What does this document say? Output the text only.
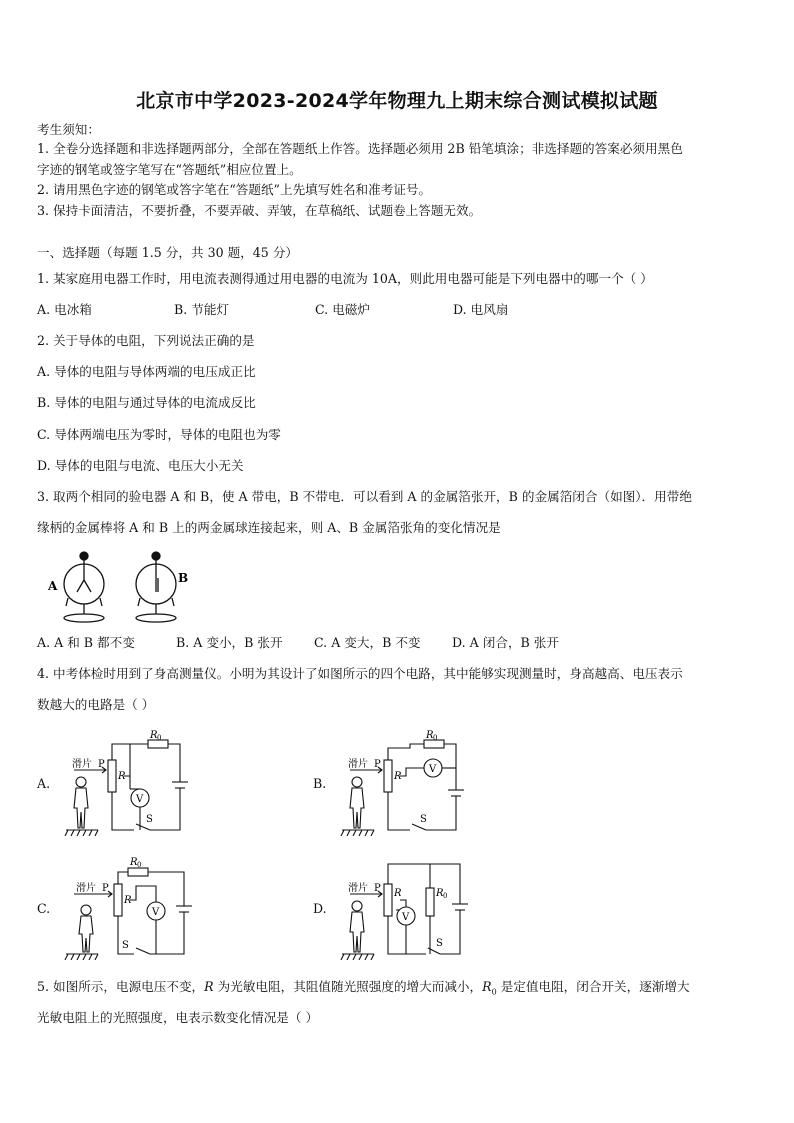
北京市中学2023-2024学年物理九上期末综合测试模拟试题
考生须知：
1. 全卷分选择题和非选择题两部分，全部在答题纸上作答。选择题必须用 2B 铅笔填涂；非选择题的答案必须用黑色
字迹的钢笔或签字笔写在“答题纸”相应位置上。
2. 请用黑色字迹的钢笔或答字笔在“答题纸”上先填写姓名和准考证号。
3. 保持卡面清洁，不要折叠，不要弄破、弄皱，在草稿纸、试题卷上答题无效。
一、选择题（每题 1.5 分，共 30 题，45 分）
1. 某家庭用电器工作时，用电流表测得通过用电器的电流为 10A，则此用电器可能是下列电器中的哪一个（ ）
A. 电冰箱	B. 节能灯	C. 电磁炉	D. 电风扇
2. 关于导体的电阻，下列说法正确的是
A. 导体的电阻与导体两端的电压成正比
B. 导体的电阻与通过导体的电流成反比
C. 导体两端电压为零时，导体的电阻也为零
D. 导体的电阻与电流、电压大小无关
3. 取两个相同的验电器 A 和 B，使 A 带电，B 不带电．可以看到 A 的金属箔张开，B 的金属箔闭合（如图）．用带绝
缘柄的金属棒将 A 和 B 上的两金属球连接起来，则 A、B 金属箔张角的变化情况是
A
B
A. A 和 B 都不变	B. A 变小，B 张开 C. A 变大，B 不变 D. A 闭合，B 张开
4. 中考体检时用到了身高测量仪。小明为其设计了如图所示的四个电路，其中能够实现测量时，身高越高、电压表示
数越大的电路是（ ）
A.	B.
C.	D.
滑片 P
R
R 0
V
S
滑片 P
R
R 0
V
S
滑片 P
R
R 0
V
S
滑片 P R	R 0
V
S
5. 如图所示，电源电压不变，R 为光敏电阻，其阻值随光照强度的增大而减小，$R_0$ 是定值电阻，闭合开关，逐渐增大
光敏电阻上的光照强度，电表示数变化情况是（ ）
